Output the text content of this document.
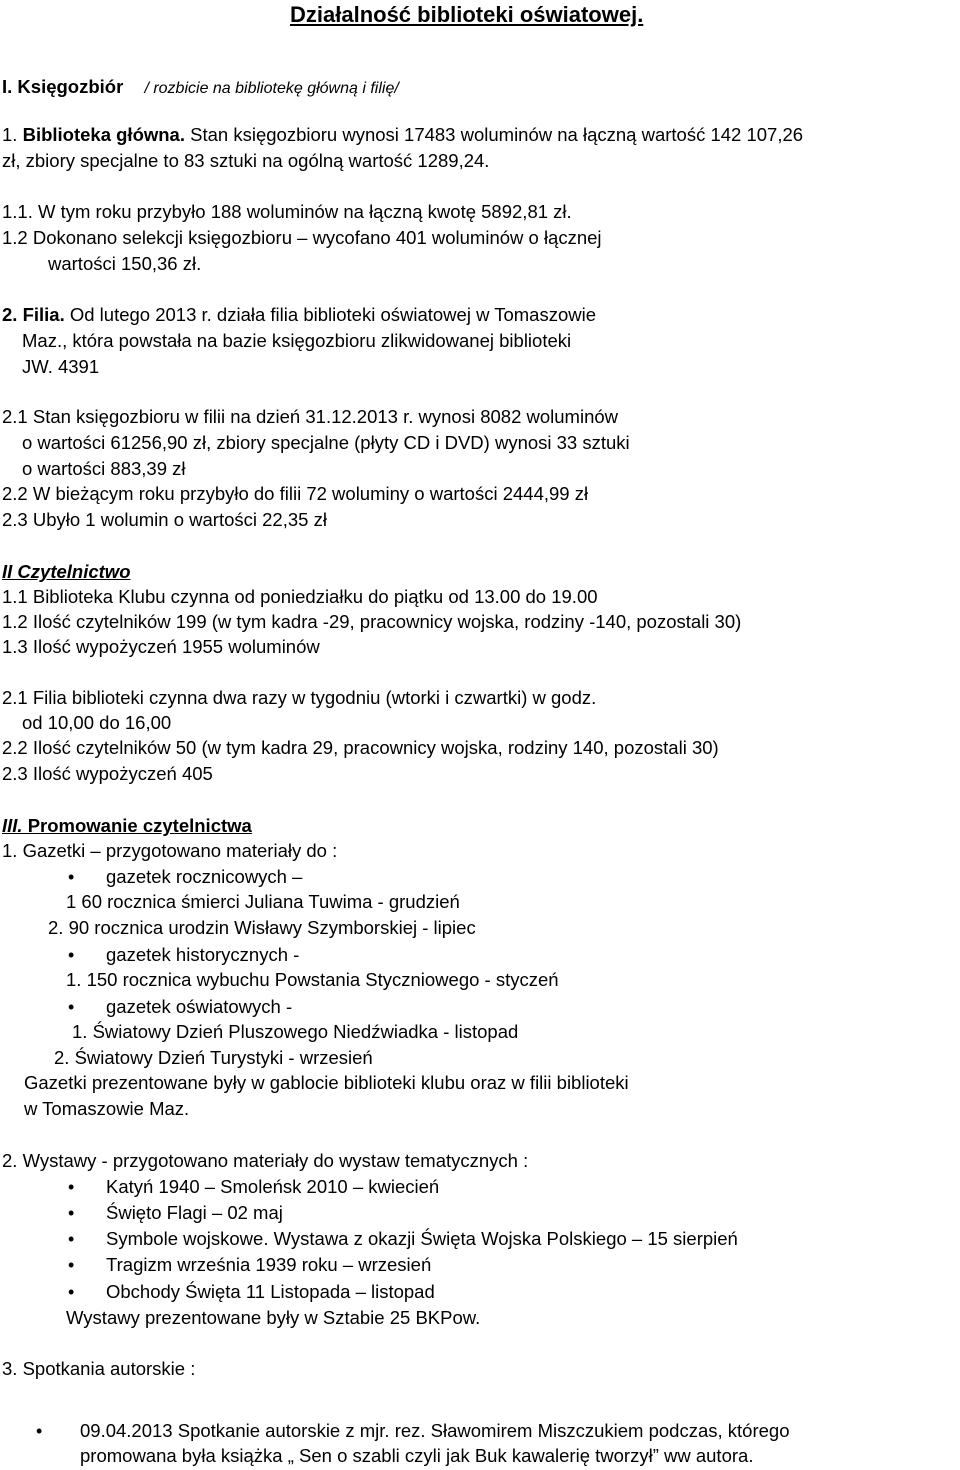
Działalność biblioteki oświatowej.
I. Księgozbiór / rozbicie na bibliotekę główną i filię/
1. Biblioteka główna. Stan księgozbioru wynosi 17483 woluminów na łączną wartość 142 107,26
zł, zbiory specjalne to 83 sztuki na ogólną wartość 1289,24.
1.1. W tym roku przybyło 188 woluminów na łączną kwotę 5892,81 zł.
1.2 Dokonano selekcji księgozbioru – wycofano 401 woluminów o łącznej
wartości 150,36 zł.
2. Filia. Od lutego 2013 r. działa filia biblioteki oświatowej w Tomaszowie
Maz., która powstała na bazie księgozbioru zlikwidowanej biblioteki
JW. 4391
2.1 Stan księgozbioru w filii na dzień 31.12.2013 r. wynosi 8082 woluminów
o wartości 61256,90 zł, zbiory specjalne (płyty CD i DVD) wynosi 33 sztuki
o wartości 883,39 zł
2.2 W bieżącym roku przybyło do filii 72 woluminy o wartości 2444,99 zł
2.3 Ubyło 1 wolumin o wartości 22,35 zł
II Czytelnictwo
1.1 Biblioteka Klubu czynna od poniedziałku do piątku od 13.00 do 19.00
1.2 Ilość czytelników 199 (w tym kadra -29, pracownicy wojska, rodziny -140, pozostali 30)
1.3 Ilość wypożyczeń 1955 woluminów
2.1 Filia biblioteki czynna dwa razy w tygodniu (wtorki i czwartki) w godz.
od 10,00 do 16,00
2.2 Ilość czytelników 50 (w tym kadra 29, pracownicy wojska, rodziny 140, pozostali 30)
2.3 Ilość wypożyczeń 405
III. Promowanie czytelnictwa
1. Gazetki – przygotowano materiały do :
• gazetek rocznicowych –
1 60 rocznica śmierci Juliana Tuwima - grudzień
2. 90 rocznica urodzin Wisławy Szymborskiej - lipiec
• gazetek historycznych -
1. 150 rocznica wybuchu Powstania Styczniowego - styczeń
• gazetek oświatowych -
1. Światowy Dzień Pluszowego Niedźwiadka - listopad
2. Światowy Dzień Turystyki - wrzesień
Gazetki prezentowane były w gablocie biblioteki klubu oraz w filii biblioteki
w Tomaszowie Maz.
2. Wystawy - przygotowano materiały do wystaw tematycznych :
• Katyń 1940 – Smoleńsk 2010 – kwiecień
• Święto Flagi – 02 maj
• Symbole wojskowe. Wystawa z okazji Święta Wojska Polskiego – 15 sierpień
• Tragizm września 1939 roku – wrzesień
• Obchody Święta 11 Listopada – listopad
Wystawy prezentowane były w Sztabie 25 BKPow.
3. Spotkania autorskie :
• 09.04.2013 Spotkanie autorskie z mjr. rez. Sławomirem Miszczukiem podczas, którego
promowana była książka „ Sen o szabli czyli jak Buk kawalerię tworzył” ww autora.
